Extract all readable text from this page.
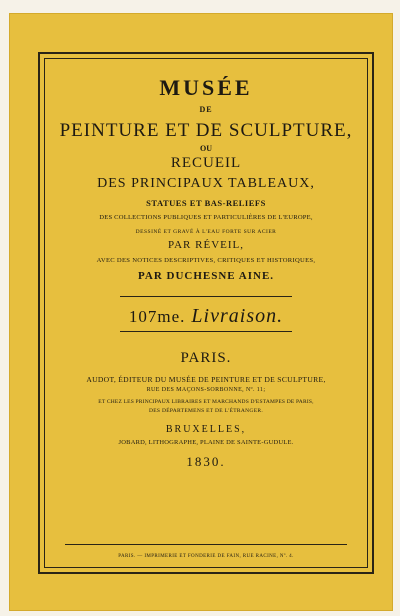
MUSÉE
DE
PEINTURE ET DE SCULPTURE,
OU
RECUEIL
DES PRINCIPAUX TABLEAUX,
STATUES ET BAS-RELIEFS
DES COLLECTIONS PUBLIQUES ET PARTICULIÈRES DE L'EUROPE,
DESSINÉ ET GRAVÉ À L'EAU FORTE SUR ACIER
PAR RÉVEIL,
AVEC DES NOTICES DESCRIPTIVES, CRITIQUES ET HISTORIQUES,
PAR DUCHESNE AINE.
107me. Livraison.
PARIS.
AUDOT, ÉDITEUR DU MUSÉE DE PEINTURE ET DE SCULPTURE,
RUE DES MAÇONS-SORBONNE, Nº. 11;
ET CHEZ LES PRINCIPAUX LIBRAIRES ET MARCHANDS D'ESTAMPES DE PARIS,
DES DÉPARTEMENS ET DE L'ÉTRANGER.
BRUXELLES,
JOBARD, LITHOGRAPHE, PLAINE DE SAINTE-GUDULE.
1830.
PARIS. — IMPRIMERIE ET FONDERIE DE FAIN, RUE RACINE, Nº. 4.
